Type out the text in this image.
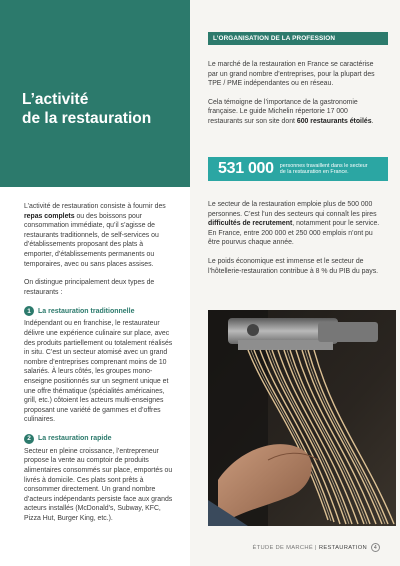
L’activité
de la restauration

L’activité de restauration consiste à fournir des repas complets ou des boissons pour consommation immédiate, qu’il s’agisse de restaurants traditionnels, de self-services ou d’établissements proposant des plats à emporter, d’établissements permanents ou temporaires, avec ou sans places assises.

On distingue principalement deux types de restaurants :

1	La restauration traditionnelle

Indépendant ou en franchise, le restaurateur délivre une expérience culinaire sur place, avec des produits partiellement ou totalement réalisés in situ. C’est un secteur atomisé avec un grand nombre d’entreprises comprenant moins de 10 salariés. À leurs côtés, les groupes mono-enseigne positionnés sur un segment unique et une offre thématique (spécialités américaines, grill, etc.) côtoient les acteurs multi-enseignes proposant une variété de gammes et d’offres culinaires.

2	La restauration rapide

Secteur en pleine croissance, l’entrepreneur propose la vente au comptoir de produits alimentaires consommés sur place, emportés ou livrés à domicile. Ces plats sont prêts à consommer directement. Un grand nombre d’acteurs indépendants persiste face aux grands acteurs installés (McDonald’s, Subway, KFC, Pizza Hut, Burger King, etc.).

L’ORGANISATION DE LA PROFESSION

Le marché de la restauration en France se caractérise par un grand nombre d’entreprises, pour la plupart des TPE / PME indépendantes ou en réseau.

Cela témoigne de l’importance de la gastronomie française. Le guide Michelin répertorie 17 000 restaurants sur son site dont 600 restaurants étoilés.

531 000	personnes travaillent dans le secteur de la restauration en France.

Le secteur de la restauration emploie plus de 500 000 personnes. C’est l’un des secteurs qui connaît les pires difficultés de recrutement, notamment pour le service. En France, entre 200 000 et 250 000 emplois n’ont pu être pourvus chaque année.

Le poids économique est immense et le secteur de l’hôtellerie-restauration contribue à 8 % du PIB du pays.

ÉTUDE DE MARCHÉ | RESTAURATION	4
